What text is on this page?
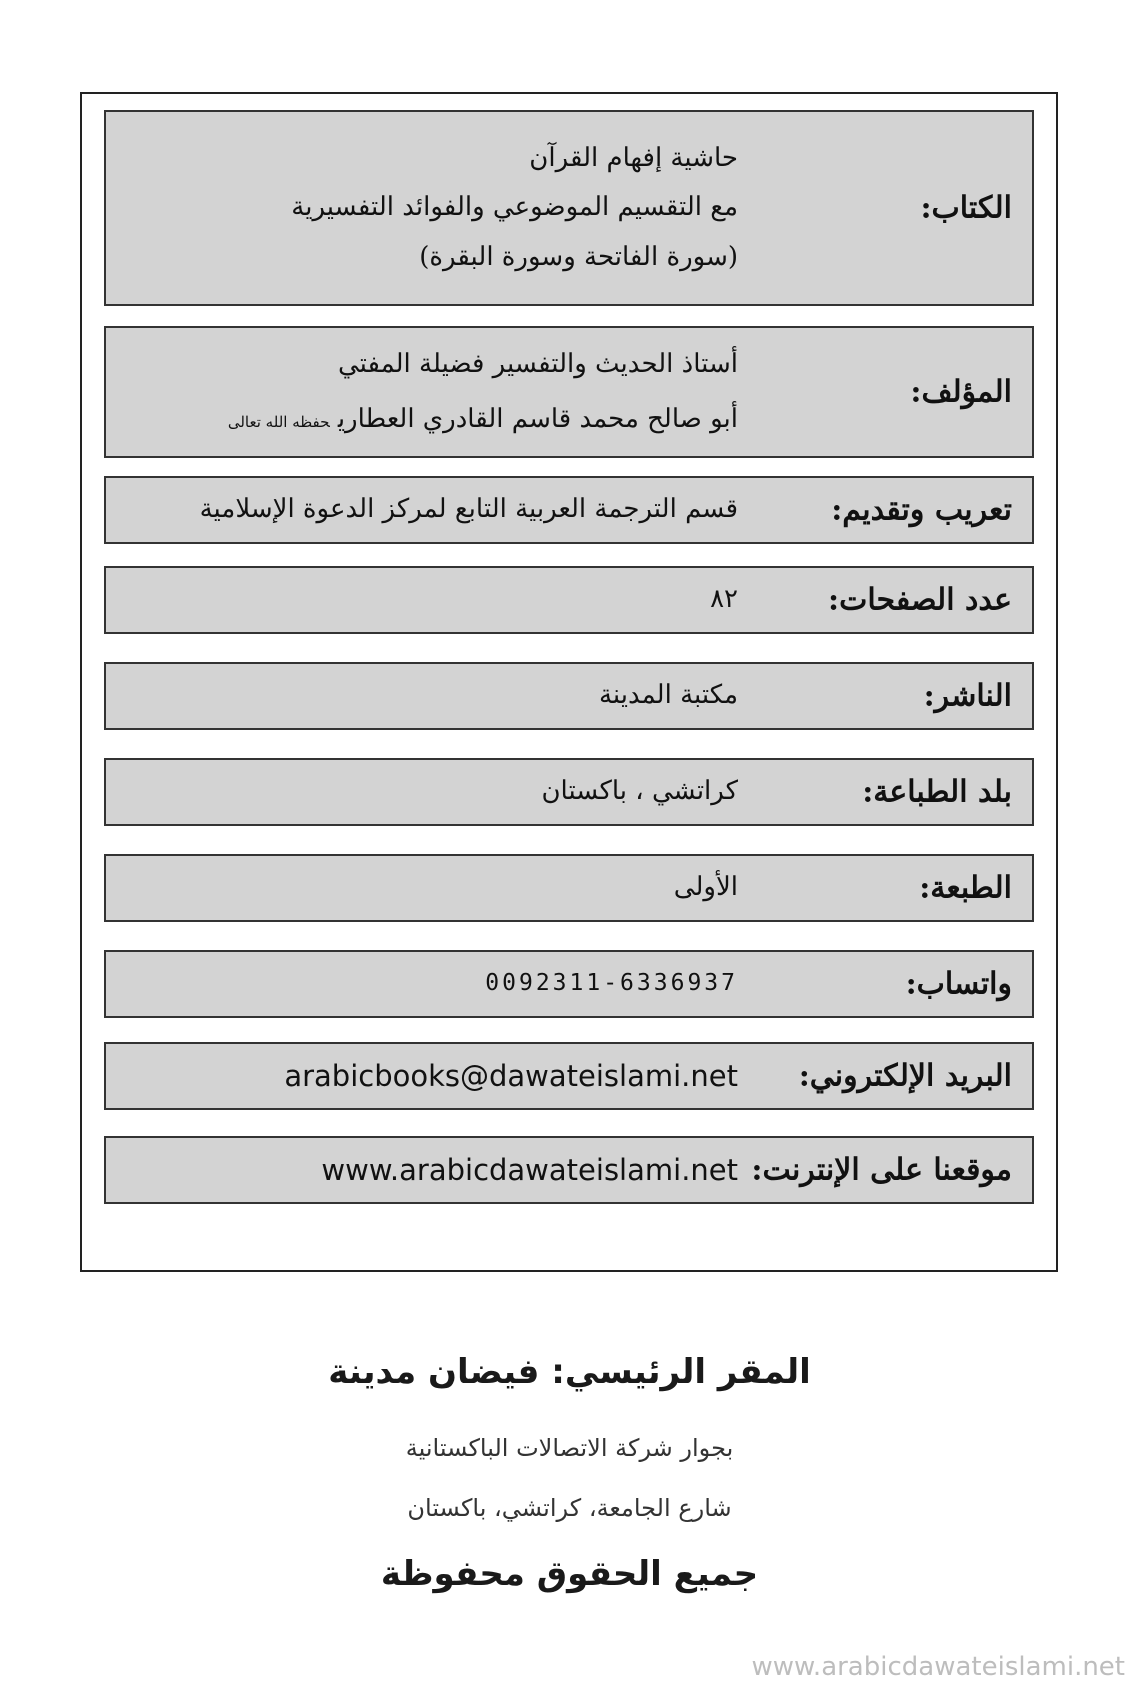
الكتاب:
حاشية إفهام القرآن
مع التقسيم الموضوعي والفوائد التفسيرية
(سورة الفاتحة وسورة البقرة)
المؤلف:
أستاذ الحديث والتفسير فضيلة المفتي
أبو صالح محمد قاسم القادري العطاريحفظه الله تعالى
تعريب وتقديم:
قسم الترجمة العربية التابع لمركز الدعوة الإسلامية
عدد الصفحات:
٨٢
الناشر:
مكتبة المدينة
بلد الطباعة:
كراتشي ، باكستان
الطبعة:
الأولى
واتساب:
0092311-6336937
البريد الإلكتروني:
arabicbooks@dawateislami.net
موقعنا على الإنترنت:
www.arabicdawateislami.net
المقر الرئيسي: فيضان مدينة
بجوار شركة الاتصالات الباكستانية
شارع الجامعة، كراتشي، باكستان
جميع الحقوق محفوظة
www.arabicdawateislami.net
